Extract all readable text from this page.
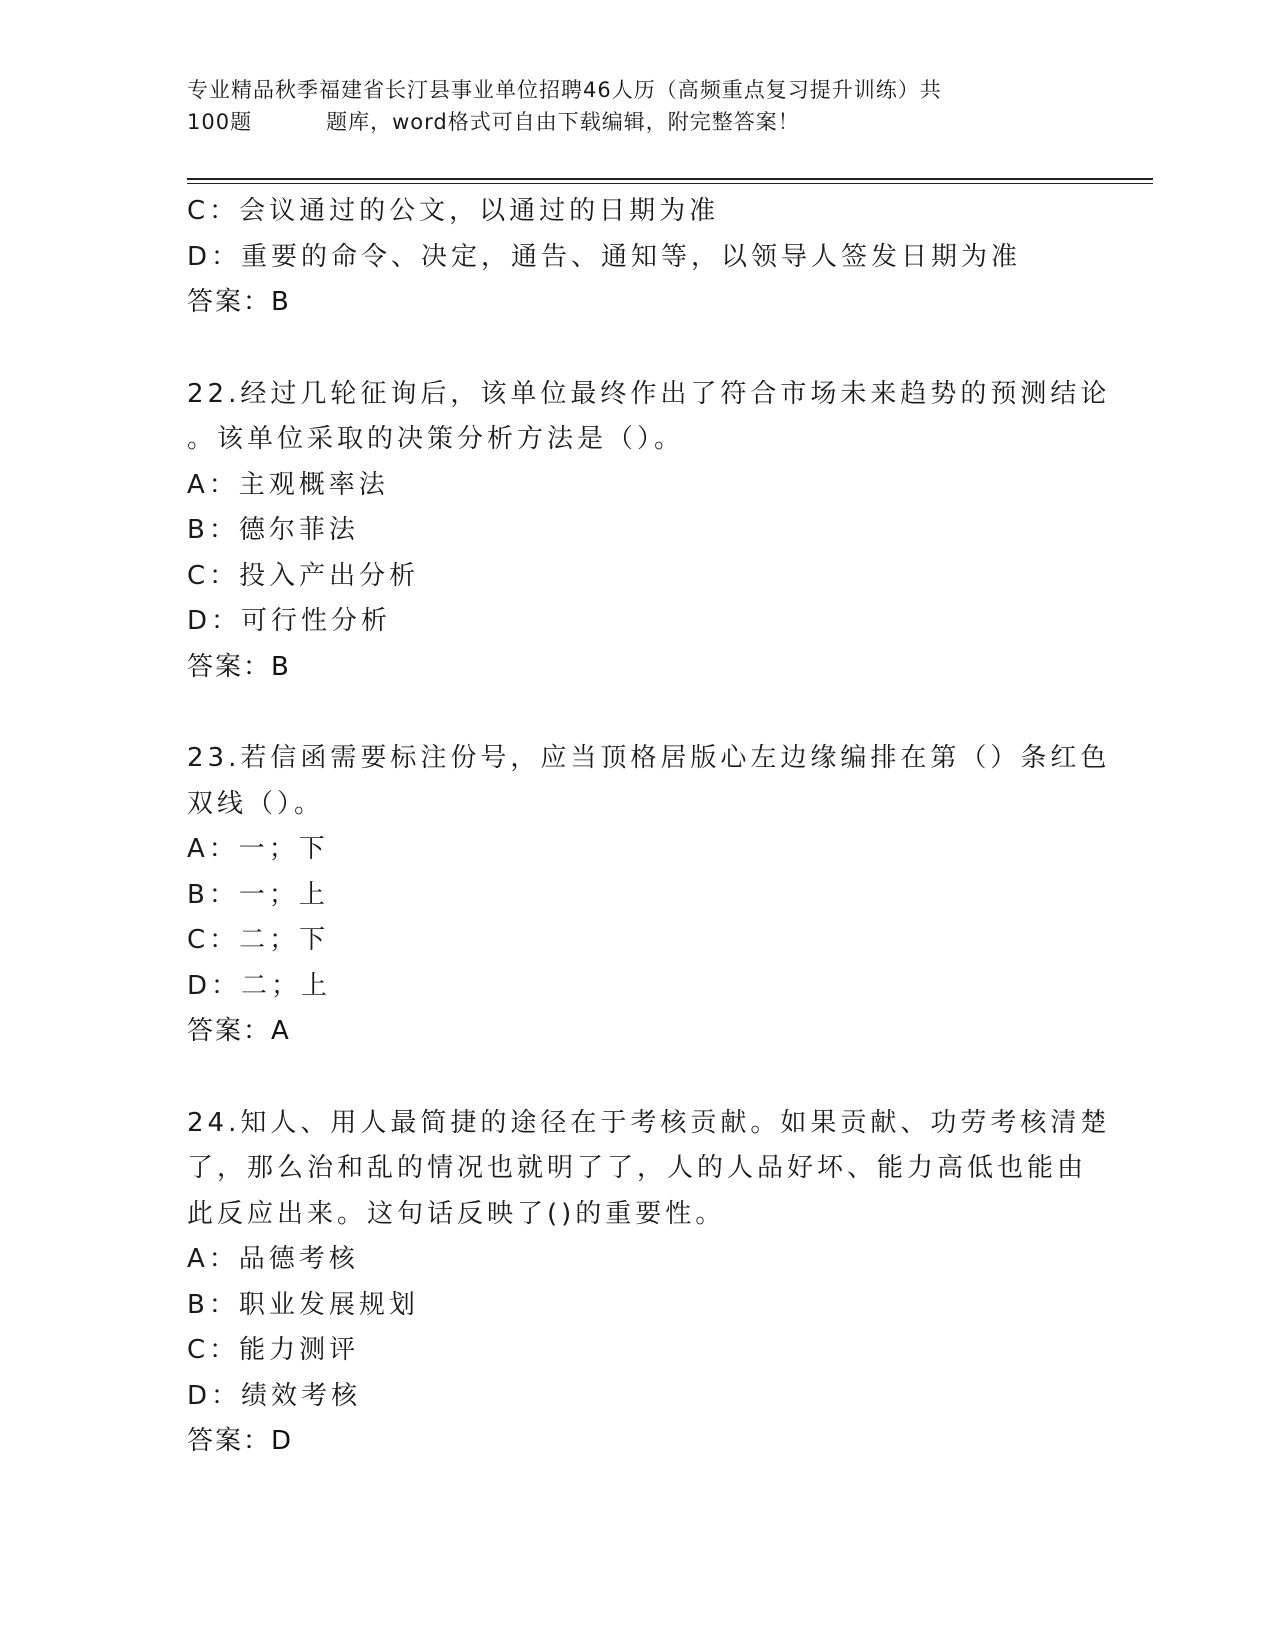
专业精品秋季福建省长汀县事业单位招聘46人历（高频重点复习提升训练）共

100题	题库，word格式可自由下载编辑，附完整答案！
C：会议通过的公文，以通过的日期为准
D：重要的命令、决定，通告、通知等，以领导人签发日期为准
答案：B
22.经过几轮征询后，该单位最终作出了符合市场未来趋势的预测结论
。该单位采取的决策分析方法是（）。
A：主观概率法
B：德尔菲法
C：投入产出分析
D：可行性分析
答案：B
23.若信函需要标注份号，应当顶格居版心左边缘编排在第（）条红色
双线（）。
A：一；下
B：一；上
C：二；下
D：二；上
答案：A
24.知人、用人最简捷的途径在于考核贡献。如果贡献、功劳考核清楚
了，那么治和乱的情况也就明了了，人的人品好坏、能力高低也能由
此反应出来。这句话反映了()的重要性。
A：品德考核
B：职业发展规划
C：能力测评
D：绩效考核
答案：D
